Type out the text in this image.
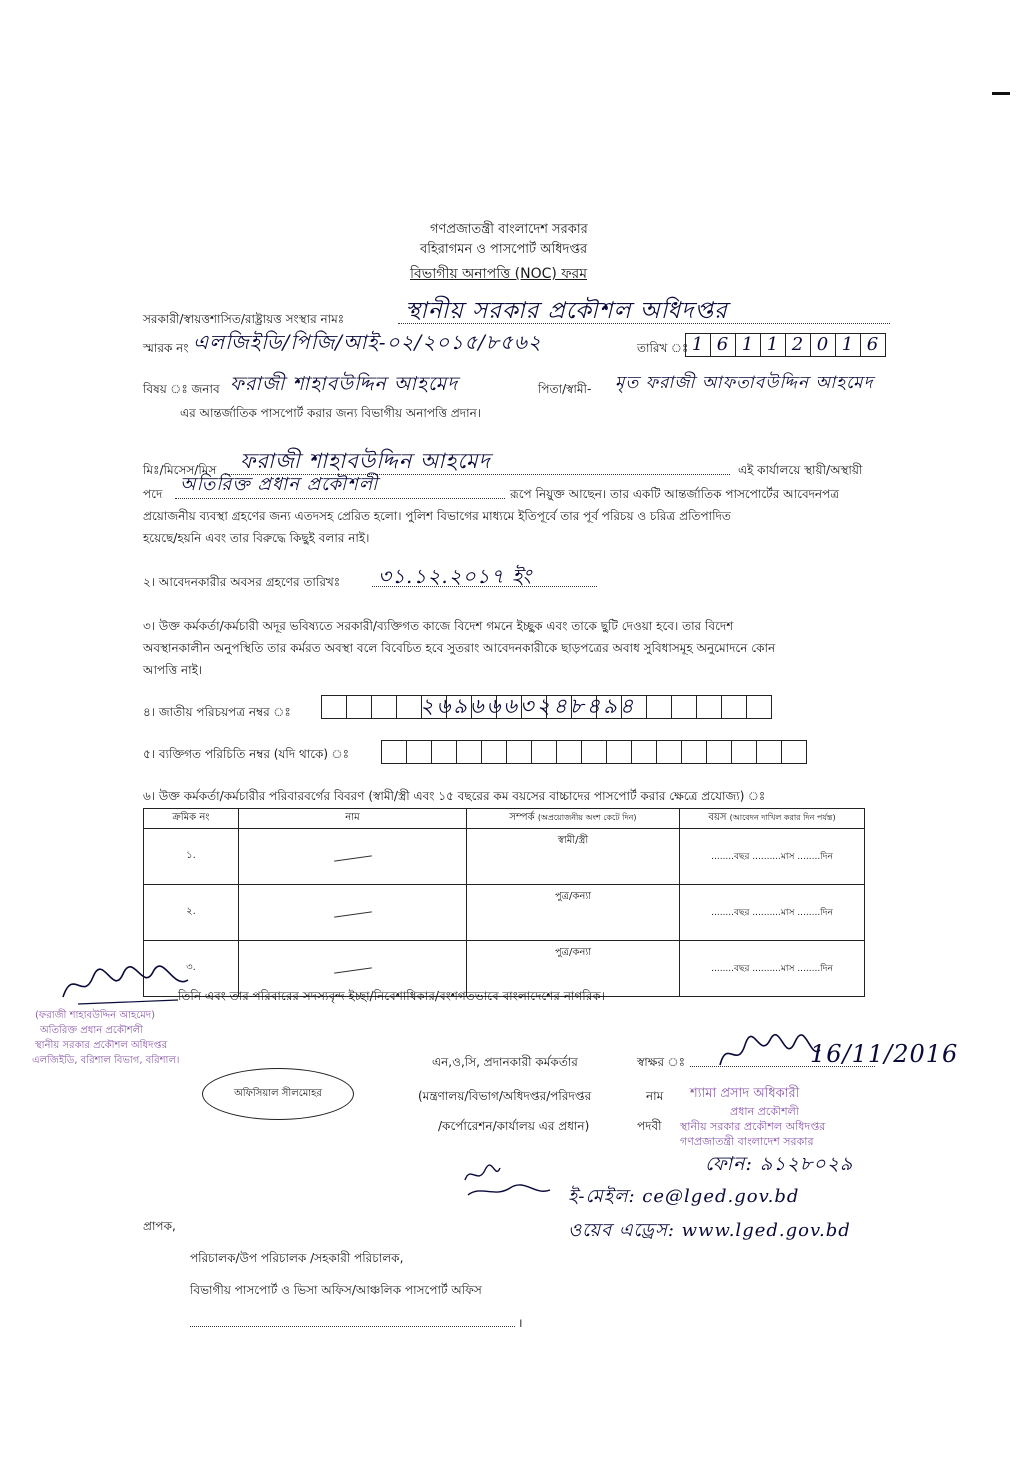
গণপ্রজাতন্ত্রী বাংলাদেশ সরকার
বহিরাগমন ও পাসপোর্ট অধিদপ্তর
বিভাগীয় অনাপত্তি (NOC) ফরম
সরকারী/স্বায়ত্তশাসিত/রাষ্ট্রায়ত্ত সংস্থার নামঃ	স্থানীয় সরকার প্রকৌশল অধিদপ্তর
স্মারক নং এলজিইডি/পিজি/আই-০২/২০১৫/৮৫৬২	তারিখ ঃ 1 6 1 1 2 0 1 6
বিষয় ঃ জনাব ফরাজী শাহাবউদ্দিন আহমেদ	পিতা/স্বামী- মৃত ফরাজী আফতাবউদ্দিন আহমেদ
এর আন্তর্জাতিক পাসপোর্ট করার জন্য বিভাগীয় অনাপত্তি প্রদান।
মিঃ/মিসেস/মিস ফরাজী শাহাবউদ্দিন আহমেদ	এই কার্যালয়ে স্থায়ী/অস্থায়ী
পদে অতিরিক্ত প্রধান প্রকৌশলী	রূপে নিয়ুক্ত আছেন। তার একটি আন্তর্জাতিক পাসপোর্টের আবেদনপত্র
প্রয়োজনীয় ব্যবস্থা গ্রহণের জন্য এতদসহ প্রেরিত হলো। পুলিশ বিভাগের মাধ্যমে ইতিপূর্বে তার পূর্ব পরিচয় ও চরিত্র প্রতিপাদিত
হয়েছে/হয়নি এবং তার বিরুদ্ধে কিছুই বলার নাই।
২। আবেদনকারীর অবসর গ্রহণের তারিখঃ ৩১.১২.২০১৭ ইং
৩। উক্ত কর্মকর্তা/কর্মচারী অদূর ভবিষ্যতে সরকারী/ব্যক্তিগত কাজে বিদেশ গমনে ইচ্ছুক এবং তাকে ছুটি দেওয়া হবে। তার বিদেশ
অবস্থানকালীন অনুপস্থিতি তার কর্মরত অবস্থা বলে বিবেচিত হবে সুতরাং আবেদনকারীকে ছাড়পত্রের অবাধ সুবিধাসমূহ অনুমোদনে কোন
আপত্তি নাই।
৪। জাতীয় পরিচয়পত্র নম্বর ঃ	২৬৯৬৬৬৩২৪৮৪৯৪
৫। ব্যক্তিগত পরিচিতি নম্বর (যদি থাকে) ঃ
৬। উক্ত কর্মকর্তা/কর্মচারীর পরিবারবর্গের বিবরণ (স্বামী/স্ত্রী এবং ১৫ বছরের কম বয়সের বাচ্চাদের পাসপোর্ট করার ক্ষেত্রে প্রযোজ্য) ঃ
ক্রমিক নং	নাম	সম্পর্ক (অপ্রয়োজনীয় অংশ কেটে দিন)	বয়স (আবেদন দাখিল করার দিন পর্যন্ত)
১.		স্বামী/স্ত্রী	........বছর ..........মাস ........দিন
২.		পুত্র/কন্যা	........বছর ..........মাস ........দিন
৩.		পুত্র/কন্যা	........বছর ..........মাস ........দিন
তিনি এবং তার পরিবারের সদস্যবৃন্দ ইচ্ছা/নিবেশাধিকার/বংশগতভাবে বাংলাদেশের নাগরিক।
(ফরাজী শাহাবউদ্দিন আহমেদ)
অতিরিক্ত প্রধান প্রকৌশলী
স্থানীয় সরকার প্রকৌশল অধিদপ্তর
এলজিইডি, বরিশাল বিভাগ, বরিশাল।
অফিসিয়াল সীলমোহর
এন,ও,সি, প্রদানকারী কর্মকর্তার
(মন্ত্রণালয়/বিভাগ/অধিদপ্তর/পরিদপ্তর
/কর্পোরেশন/কার্যালয় এর প্রধান)
স্বাক্ষর ঃ	16/11/2016
নাম শ্যামা প্রসাদ অধিকারী
প্রধান প্রকৌশলী
পদবী স্থানীয় সরকার প্রকৌশল অধিদপ্তর
গণপ্রজাতন্ত্রী বাংলাদেশ সরকার
ফোন: ৯১২৮০২৯
ই-মেইল: ce@lged.gov.bd
ওয়েব এড্রেস: www.lged.gov.bd
প্রাপক,
পরিচালক/উপ পরিচালক /সহকারী পরিচালক,
বিভাগীয় পাসপোর্ট ও ভিসা অফিস/আঞ্চলিক পাসপোর্ট অফিস
।
